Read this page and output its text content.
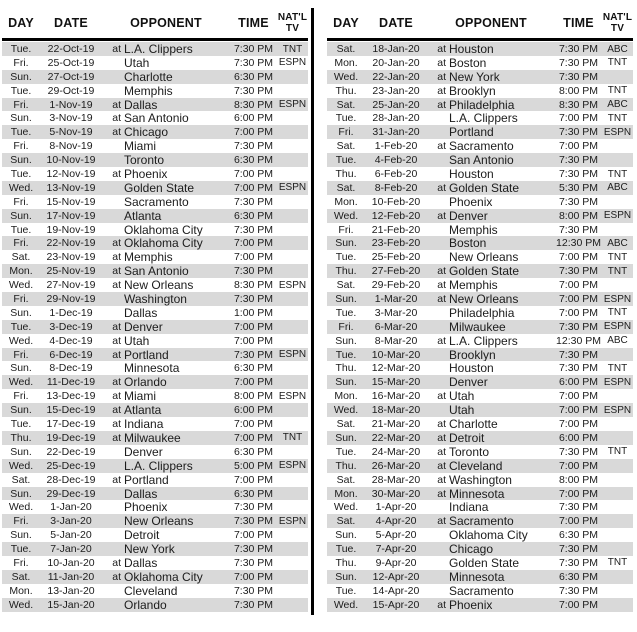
DAY	DATE	OPPONENT	TIME NAT'L TV
Tue.	22-Oct-19	at L.A. Clippers	7:30 PM TNT
Fri.	25-Oct-19	Utah	7:30 PM ESPN
Sun.	27-Oct-19	Charlotte	6:30 PM
Tue.	29-Oct-19	Memphis	7:30 PM
Fri.	1-Nov-19	at Dallas	8:30 PM ESPN
Sun.	3-Nov-19	at San Antonio	6:00 PM
Tue.	5-Nov-19	at Chicago	7:00 PM
Fri.	8-Nov-19	Miami	7:30 PM
Sun.	10-Nov-19	Toronto	6:30 PM
Tue.	12-Nov-19	at Phoenix	7:00 PM
Wed.	13-Nov-19	Golden State	7:00 PM ESPN
Fri.	15-Nov-19	Sacramento	7:30 PM
Sun.	17-Nov-19	Atlanta	6:30 PM
Tue.	19-Nov-19	Oklahoma City	7:30 PM
Fri.	22-Nov-19	at Oklahoma City	7:00 PM
Sat.	23-Nov-19	at Memphis	7:00 PM
Mon.	25-Nov-19	at San Antonio	7:30 PM
Wed.	27-Nov-19	at New Orleans	8:30 PM ESPN
Fri.	29-Nov-19	Washington	7:30 PM
Sun.	1-Dec-19	Dallas	1:00 PM
Tue.	3-Dec-19	at Denver	7:00 PM
Wed.	4-Dec-19	at Utah	7:00 PM
Fri.	6-Dec-19	at Portland	7:30 PM ESPN
Sun.	8-Dec-19	Minnesota	6:30 PM
Wed.	11-Dec-19	at Orlando	7:00 PM
Fri.	13-Dec-19	at Miami	8:00 PM ESPN
Sun.	15-Dec-19	at Atlanta	6:00 PM
Tue.	17-Dec-19	at Indiana	7:00 PM
Thu.	19-Dec-19	at Milwaukee	7:00 PM TNT
Sun.	22-Dec-19	Denver	6:30 PM
Wed.	25-Dec-19	L.A. Clippers	5:00 PM ESPN
Sat.	28-Dec-19	at Portland	7:00 PM
Sun.	29-Dec-19	Dallas	6:30 PM
Wed.	1-Jan-20	Phoenix	7:30 PM
Fri.	3-Jan-20	New Orleans	7:30 PM ESPN
Sun.	5-Jan-20	Detroit	7:00 PM
Tue.	7-Jan-20	New York	7:30 PM
Fri.	10-Jan-20	at Dallas	7:30 PM
Sat.	11-Jan-20	at Oklahoma City	7:00 PM
Mon.	13-Jan-20	Cleveland	7:30 PM
Wed.	15-Jan-20	Orlando	7:30 PM
DAY	DATE	OPPONENT	TIME NAT'L TV
Sat.	18-Jan-20	at Houston	7:30 PM ABC
Mon.	20-Jan-20	at Boston	7:30 PM TNT
Wed.	22-Jan-20	at New York	7:30 PM
Thu.	23-Jan-20	at Brooklyn	8:00 PM TNT
Sat.	25-Jan-20	at Philadelphia	8:30 PM ABC
Tue.	28-Jan-20	L.A. Clippers	7:00 PM TNT
Fri.	31-Jan-20	Portland	7:30 PM ESPN
Sat.	1-Feb-20	at Sacramento	7:00 PM
Tue.	4-Feb-20	San Antonio	7:30 PM
Thu.	6-Feb-20	Houston	7:30 PM TNT
Sat.	8-Feb-20	at Golden State	5:30 PM ABC
Mon.	10-Feb-20	Phoenix	7:30 PM
Wed.	12-Feb-20	at Denver	8:00 PM ESPN
Fri.	21-Feb-20	Memphis	7:30 PM
Sun.	23-Feb-20	Boston	12:30 PM ABC
Tue.	25-Feb-20	New Orleans	7:00 PM TNT
Thu.	27-Feb-20	at Golden State	7:30 PM TNT
Sat.	29-Feb-20	at Memphis	7:00 PM
Sun.	1-Mar-20	at New Orleans	7:00 PM ESPN
Tue.	3-Mar-20	Philadelphia	7:00 PM TNT
Fri.	6-Mar-20	Milwaukee	7:30 PM ESPN
Sun.	8-Mar-20	at L.A. Clippers	12:30 PM ABC
Tue.	10-Mar-20	Brooklyn	7:30 PM
Thu.	12-Mar-20	Houston	7:30 PM TNT
Sun.	15-Mar-20	Denver	6:00 PM ESPN
Mon.	16-Mar-20	at Utah	7:00 PM
Wed.	18-Mar-20	Utah	7:00 PM ESPN
Sat.	21-Mar-20	at Charlotte	7:00 PM
Sun.	22-Mar-20	at Detroit	6:00 PM
Tue.	24-Mar-20	at Toronto	7:30 PM TNT
Thu.	26-Mar-20	at Cleveland	7:00 PM
Sat.	28-Mar-20	at Washington	8:00 PM
Mon.	30-Mar-20	at Minnesota	7:00 PM
Wed.	1-Apr-20	Indiana	7:30 PM
Sat.	4-Apr-20	at Sacramento	7:00 PM
Sun.	5-Apr-20	Oklahoma City	6:30 PM
Tue.	7-Apr-20	Chicago	7:30 PM
Thu.	9-Apr-20	Golden State	7:30 PM TNT
Sun.	12-Apr-20	Minnesota	6:30 PM
Tue.	14-Apr-20	Sacramento	7:30 PM
Wed.	15-Apr-20	at Phoenix	7:00 PM
